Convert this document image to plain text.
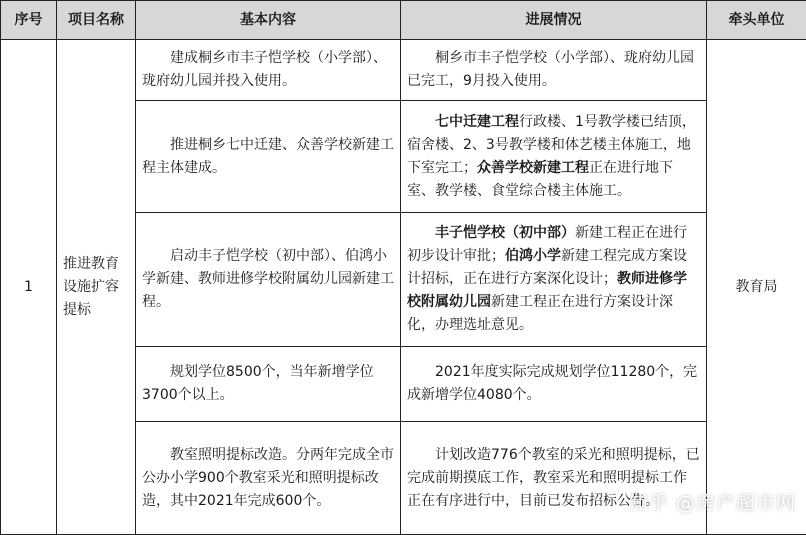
序号	项目名称	基本内容	进展情况	牵头单位
1	推进教育设施扩容提标	建成桐乡市丰子恺学校（小学部）、珑府幼儿园并投入使用。	桐乡市丰子恺学校（小学部）、珑府幼儿园已完工，9月投入使用。	教育局
		推进桐乡七中迁建、众善学校新建工程主体建成。	七中迁建工程行政楼、1号教学楼已结顶，宿舍楼、2、3号教学楼和体艺楼主体施工，地下室完工；众善学校新建工程正在进行地下室、教学楼、食堂综合楼主体施工。	
		启动丰子恺学校（初中部）、伯鸿小学新建、教师进修学校附属幼儿园新建工程。	丰子恺学校（初中部）新建工程正在进行初步设计审批；伯鸿小学新建工程完成方案设计招标，正在进行方案深化设计；教师进修学校附属幼儿园新建工程正在进行方案设计深化，办理选址意见。	
		规划学位8500个，当年新增学位3700个以上。	2021年度实际完成规划学位11280个，完成新增学位4080个。	
		教室照明提标改造。分两年完成全市公办小学900个教室采光和照明提标改造，其中2021年完成600个。	计划改造776个教室的采光和照明提标，已完成前期摸底工作，教室采光和照明提标工作正在有序进行中，目前已发布招标公告。	
知乎 @房产超市网
